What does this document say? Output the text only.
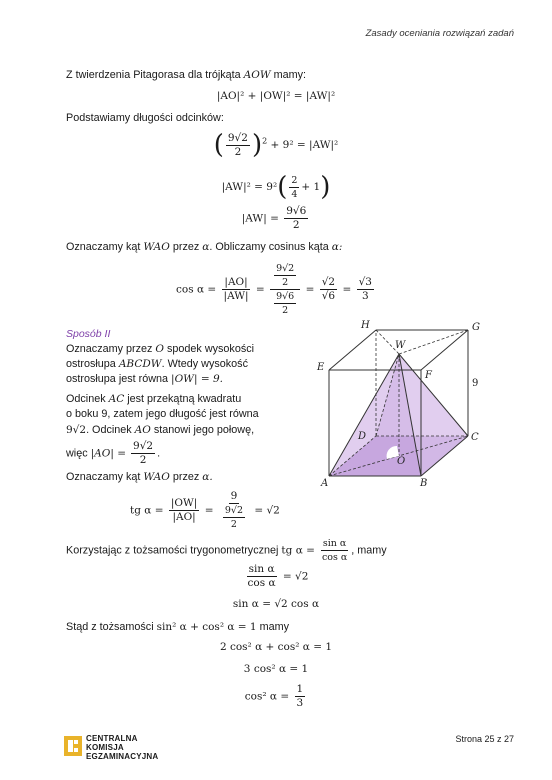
Zasady oceniania rozwiązań zadań
Z twierdzenia Pitagorasa dla trójkąta AOW mamy:
|AO|² + |OW|² = |AW|²
Podstawiamy długości odcinków:
( $\frac{9√2}{2} )^2 + 9^2 = |AW|^2$
$|AW|^2 = 9^2( \frac{2}{4} + 1)$
$|AW| = \frac{9√6}{2}$
Oznaczamy kąt WAO przez α. Obliczamy cosinus kąta α:
$\cos \alpha = \frac{|AO|}{|AW|} = \frac{\frac{9√2}{2}}{\frac{9√6}{2}} = \frac{√2}{√6} = \frac{√3}{3}$
Sposób II
Oznaczamy przez O spodek wysokości
ostrosłupa ABCDW. Wtedy wysokość
ostrosłupa jest równa |OW| = 9.
Odcinek AC jest przekątną kwadratu
o boku 9, zatem jego długość jest równa
9√2. Odcinek AO stanowi jego połowę,
więc $|AO| = \frac{9√2}{2}$ .
Oznaczamy kąt WAO przez α.
tg $\alpha = \frac{|OW|}{|AO|} = \frac{9}{\frac{9√2}{2}} = √2$
H	G
W
E
F
D	C
O
A	B
9
Korzystając z tożsamości trygonometrycznej tg $\alpha = \frac{\text{sin α}}{\text{cos α}}$ , mamy
$\frac{\text{sin α}}{\text{cos α}} = √2$
sin α = √2 cos α
Stąd z tożsamości sin² α + cos² α = 1 mamy
2 cos² α + cos² α = 1
3 cos² α = 1
cos² $\alpha = \frac{1}{3}$
CENTRALNA
KOMISJA
EGZAMINACYJNA
Strona 25 z 27
